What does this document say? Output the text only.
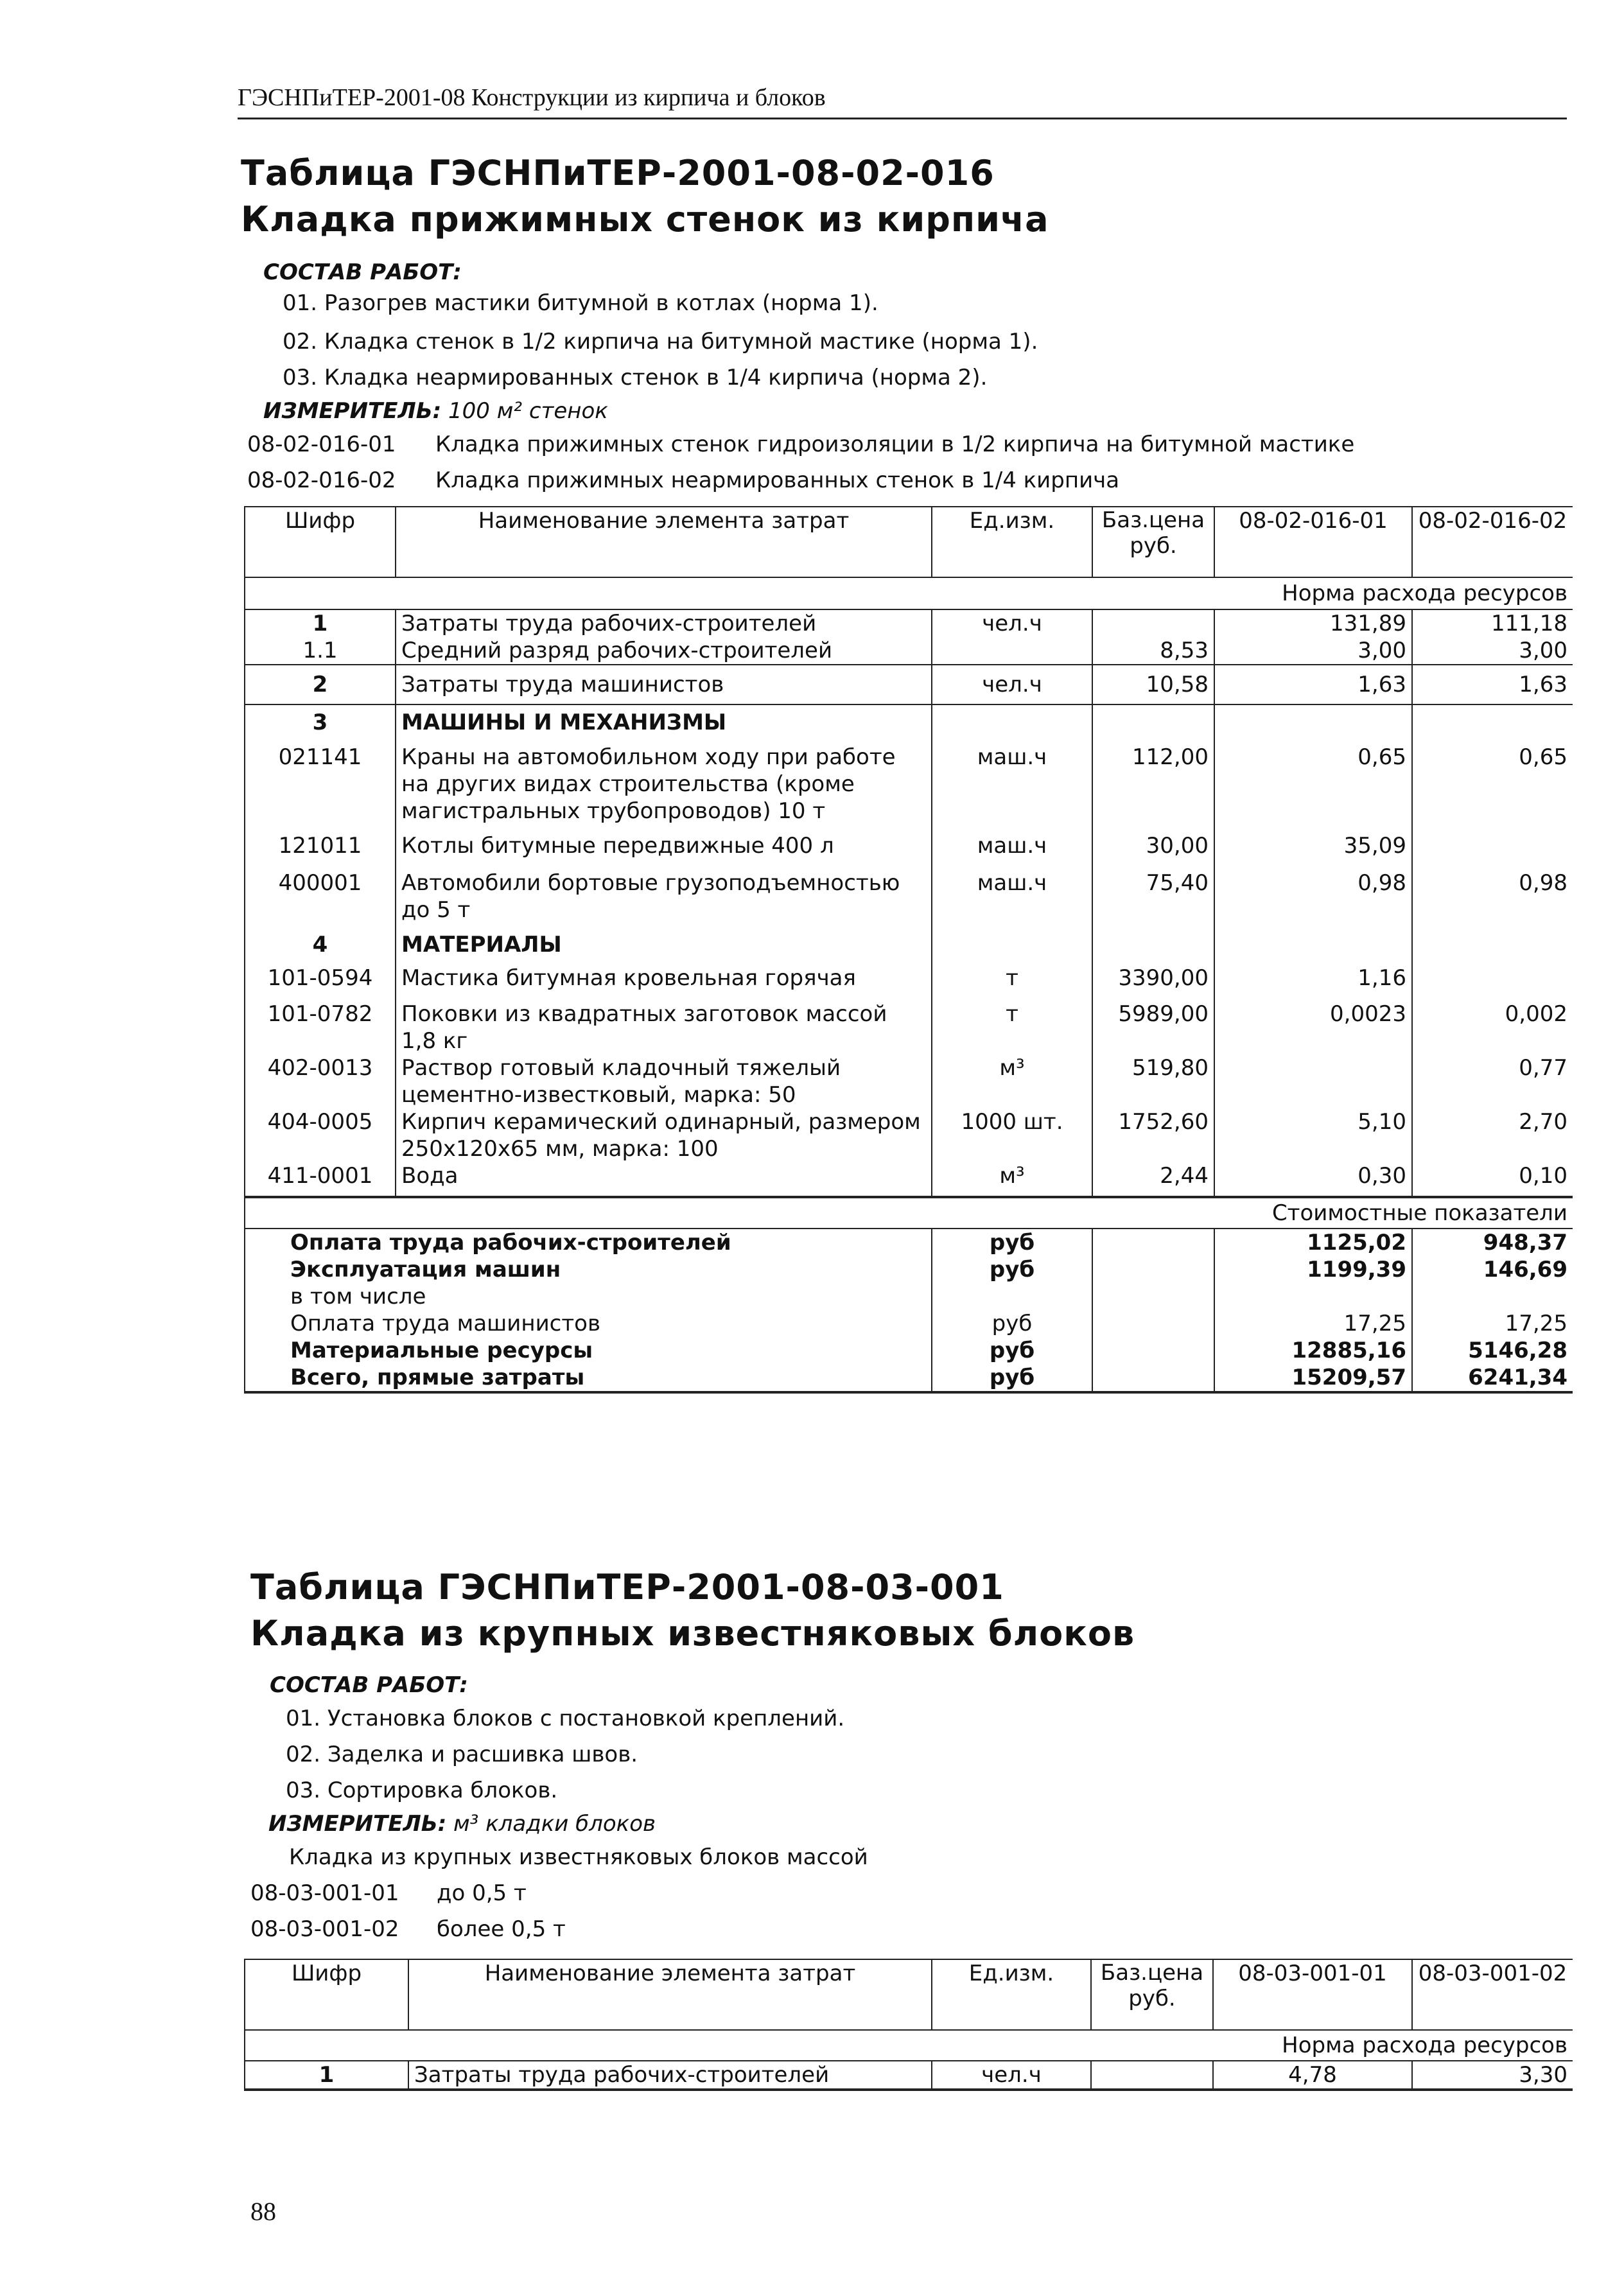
ГЭСНПиТЕР-2001-08 Конструкции из кирпича и блоков
Таблица ГЭСНПиТЕР-2001-08-02-016
Кладка прижимных стенок из кирпича
СОСТАВ РАБОТ:
01. Разогрев мастики битумной в котлах (норма 1).
02. Кладка стенок в 1/2 кирпича на битумной мастике (норма 1).
03. Кладка неармированных стенок в 1/4 кирпича (норма 2).
ИЗМЕРИТЕЛЬ: 100 м² стенок
08-02-016-01 Кладка прижимных стенок гидроизоляции в 1/2 кирпича на битумной мастике
08-02-016-02 Кладка прижимных неармированных стенок в 1/4 кирпича
Шифр	Наименование элемента затрат	Ед.изм.	Баз.цена руб.	08-02-016-01	08-02-016-02
Норма расхода ресурсов					
1	Затраты труда рабочих-строителей	чел.ч		131,89	111,18
1.1	Средний разряд рабочих-строителей		8,53	3,00	3,00
2	Затраты труда машинистов	чел.ч	10,58	1,63	1,63
3	МАШИНЫ И МЕХАНИЗМЫ				
021141	Краны на автомобильном ходу при работе на других видах строительства (кроме магистральных трубопроводов) 10 т	маш.ч	112,00	0,65	0,65
121011	Котлы битумные передвижные 400 л	маш.ч	30,00	35,09	
400001	Автомобили бортовые грузоподъемностью до 5 т	маш.ч	75,40	0,98	0,98
4	МАТЕРИАЛЫ				
101-0594	Мастика битумная кровельная горячая	т	3390,00	1,16	
101-0782	Поковки из квадратных заготовок массой 1,8 кг	т	5989,00	0,0023	0,002
402-0013	Раствор готовый кладочный тяжелый цементно-известковый, марка: 50	м³	519,80		0,77
404-0005	Кирпич керамический одинарный, размером 250x120x65 мм, марка: 100	1000 шт.	1752,60	5,10	2,70
411-0001	Вода	м³	2,44	0,30	0,10
Стоимостные показатели					
Оплата труда рабочих-строителей		руб		1125,02	948,37
Эксплуатация машин		руб		1199,39	146,69
в том числе					
Оплата труда машинистов		руб		17,25	17,25
Материальные ресурсы		руб		12885,16	5146,28
Всего, прямые затраты		руб		15209,57	6241,34
Таблица ГЭСНПиТЕР-2001-08-03-001
Кладка из крупных известняковых блоков
СОСТАВ РАБОТ:
01. Установка блоков с постановкой креплений.
02. Заделка и расшивка швов.
03. Сортировка блоков.
ИЗМЕРИТЕЛЬ: м³ кладки блоков
Кладка из крупных известняковых блоков массой
08-03-001-01 до 0,5 т
08-03-001-02 более 0,5 т
Шифр	Наименование элемента затрат	Ед.изм.	Баз.цена руб.	08-03-001-01	08-03-001-02
Норма расхода ресурсов					
1	Затраты труда рабочих-строителей	чел.ч		4,78	3,30
88
